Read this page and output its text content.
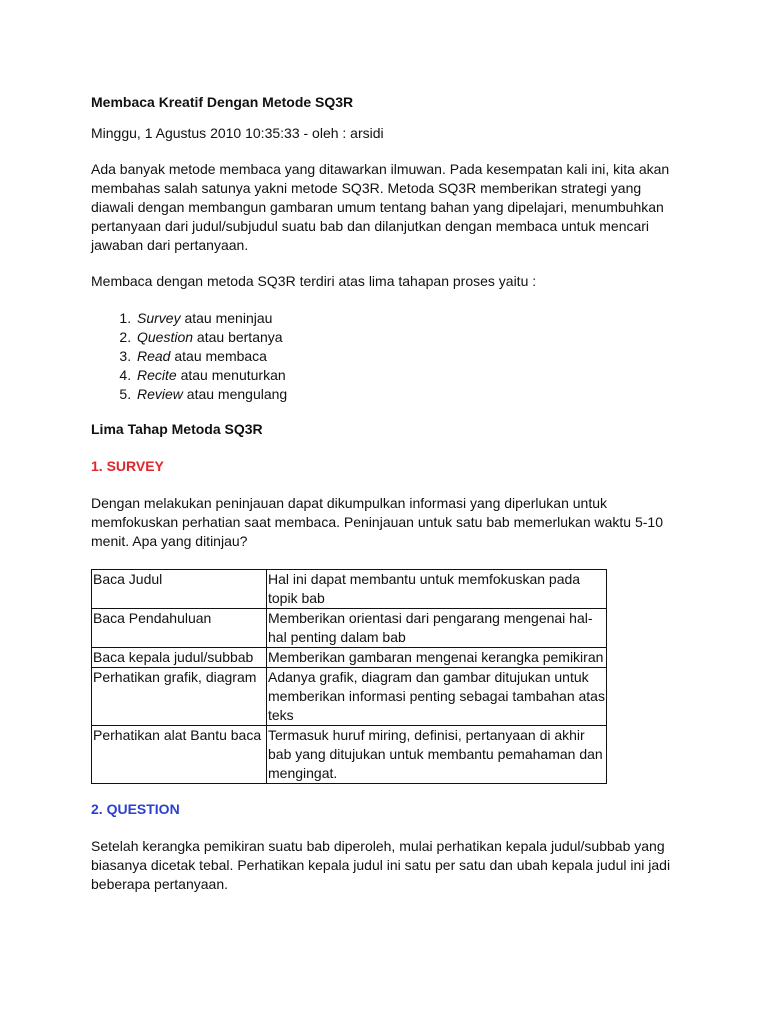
Membaca Kreatif Dengan Metode SQ3R

Minggu, 1 Agustus 2010 10:35:33 - oleh : arsidi

Ada banyak metode membaca yang ditawarkan ilmuwan. Pada kesempatan kali ini, kita akan membahas salah satunya yakni metode SQ3R. Metoda SQ3R memberikan strategi yang diawali dengan membangun gambaran umum tentang bahan yang dipelajari, menumbuhkan pertanyaan dari judul/subjudul suatu bab dan dilanjutkan dengan membaca untuk mencari jawaban dari pertanyaan.

Membaca dengan metoda SQ3R terdiri atas lima tahapan proses yaitu :

1. Survey atau meninjau
2. Question atau bertanya
3. Read atau membaca
4. Recite atau menuturkan
5. Review atau mengulang

Lima Tahap Metoda SQ3R

1. SURVEY

Dengan melakukan peninjauan dapat dikumpulkan informasi yang diperlukan untuk memfokuskan perhatian saat membaca. Peninjauan untuk satu bab memerlukan waktu 5-10 menit. Apa yang ditinjau?

Baca Judul	Hal ini dapat membantu untuk memfokuskan pada topik bab
Baca Pendahuluan	Memberikan orientasi dari pengarang mengenai hal-hal penting dalam bab
Baca kepala judul/subbab	Memberikan gambaran mengenai kerangka pemikiran
Perhatikan grafik, diagram	Adanya grafik, diagram dan gambar ditujukan untuk memberikan informasi penting sebagai tambahan atas teks
Perhatikan alat Bantu baca	Termasuk huruf miring, definisi, pertanyaan di akhir bab yang ditujukan untuk membantu pemahaman dan mengingat.

2. QUESTION

Setelah kerangka pemikiran suatu bab diperoleh, mulai perhatikan kepala judul/subbab yang biasanya dicetak tebal. Perhatikan kepala judul ini satu per satu dan ubah kepala judul ini jadi beberapa pertanyaan.
